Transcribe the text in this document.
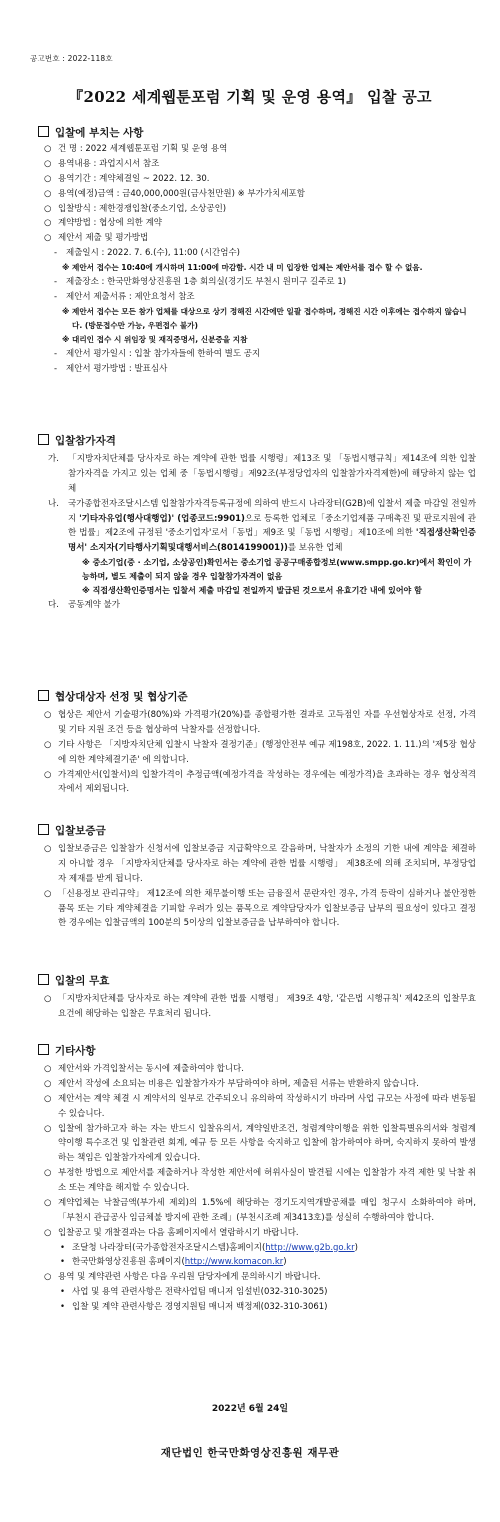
공고번호 : 2022-118호
『2022 세계웹툰포럼 기획 및 운영 용역』 입찰 공고
입찰에 부치는 사항
○ 건 명 : 2022 세계웹툰포럼 기획 및 운영 용역
○ 용역내용 : 과업지시서 참조
○ 용역기간 : 계약체결일 ~ 2022. 12. 30.
○ 용역(예정)금액 : 금40,000,000원(금사천만원) ※ 부가가치세포함
○ 입찰방식 : 제한경쟁입찰(중소기업, 소상공인)
○ 계약방법 : 협상에 의한 계약
○ 제안서 제출 및 평가방법
- 제출일시 : 2022. 7. 6.(수), 11:00 (시간엄수)
※ 제안서 접수는 10:40에 개시하며 11:00에 마감함. 시간 내 미 입장한 업체는 제안서를 접수 할 수 없음.
- 제출장소 : 한국만화영상진흥원 1층 회의실(경기도 부천시 원미구 길주로 1)
- 제안서 제출서류 : 제안요청서 참조
※ 제안서 접수는 모든 참가 업체를 대상으로 상기 정해진 시간에만 일괄 접수하며, 정해진 시간 이후에는 접수하지 않습니다. (방문접수만 가능, 우편접수 불가)
※ 대리인 접수 시 위임장 및 재직증명서, 신분증을 지참
- 제안서 평가일시 : 입찰 참가자들에 한하여 별도 공지
- 제안서 평가방법 : 발표심사
입찰참가자격
가. 「지방자치단체를 당사자로 하는 계약에 관한 법률 시행령」제13조 및 「동법시행규칙」제14조에 의한 입찰참가자격을 가지고 있는 업체 중「동법시행령」제92조(부정당업자의 입찰참가자격제한)에 해당하지 않는 업체
나. 국가종합전자조달시스템 입찰참가자격등록규정에 의하여 반드시 나라장터(G2B)에 입찰서 제출 마감일 전일까지 '기타자유업(행사대행업)' (업종코드:9901)으로 등록한 업체로「중소기업제품 구매촉진 및 판로지원에 관한 법률」제2조에 규정된 '중소기업자'로서「동법」제9조 및「동법 시행령」제10조에 의한 '직접생산확인증명서' 소지자(기타행사기획및대행서비스(8014199001))를 보유한 업체
※ 중소기업(중 · 소기업, 소상공인)확인서는 중소기업 공공구매종합정보(www.smpp.go.kr)에서 확인이 가능하며, 별도 제출이 되지 않을 경우 입찰참가자격이 없음
※ 직접생산확인증명서는 입찰서 제출 마감일 전일까지 발급된 것으로서 유효기간 내에 있어야 함
다. 공동계약 불가
협상대상자 선정 및 협상기준
○ 협상은 제안서 기술평가(80%)와 가격평가(20%)를 종합평가한 결과로 고득점인 자를 우선협상자로 선정, 가격 및 기타 지원 조건 등을 협상하여 낙찰자를 선정합니다.
○ 기타 사항은 「지방자치단체 입찰시 낙찰자 결정기준」(행정안전부 예규 제198호, 2022. 1. 11.)의 '제5장 협상에 의한 계약체결기준' 에 의합니다.
○ 가격제안서(입찰서)의 입찰가격이 추정금액(예정가격을 작성하는 경우에는 예정가격)을 초과하는 경우 협상적격자에서 제외됩니다.
입찰보증금
○ 입찰보증금은 입찰참가 신청서에 입찰보증금 지급확약으로 갈음하며, 낙찰자가 소정의 기한 내에 계약을 체결하지 아니할 경우 「지방자치단체를 당사자로 하는 계약에 관한 법률 시행령」 제38조에 의해 조치되며, 부정당업자 제재를 받게 됩니다.
○ 「신용정보 관리규약」 제12조에 의한 채무불이행 또는 금융질서 문란자인 경우, 가격 등락이 심하거나 불안정한 품목 또는 기타 계약체결을 기피할 우려가 있는 품목으로 계약담당자가 입찰보증금 납부의 필요성이 있다고 결정한 경우에는 입찰금액의 100분의 5이상의 입찰보증금을 납부하여야 합니다.
입찰의 무효
○ 「지방자치단체를 당사자로 하는 계약에 관한 법률 시행령」 제39조 4항, '같은법 시행규칙' 제42조의 입찰무효 요건에 해당하는 입찰은 무효처리 됩니다.
기타사항
○ 제안서와 가격입찰서는 동시에 제출하여야 합니다.
○ 제안서 작성에 소요되는 비용은 입찰참가자가 부담하여야 하며, 제출된 서류는 반환하지 않습니다.
○ 제안서는 계약 체결 시 계약서의 일부로 간주되오니 유의하여 작성하시기 바라며 사업 규모는 사정에 따라 변동될 수 있습니다.
○ 입찰에 참가하고자 하는 자는 반드시 입찰유의서, 계약일반조건, 청렴계약이행을 위한 입찰특별유의서와 청렴계약이행 특수조건 및 입찰관련 회계, 예규 등 모든 사항을 숙지하고 입찰에 참가하여야 하며, 숙지하지 못하여 발생하는 책임은 입찰참가자에게 있습니다.
○ 부정한 방법으로 제안서를 제출하거나 작성한 제안서에 허위사실이 발견될 시에는 입찰참가 자격 제한 및 낙찰 취소 또는 계약을 해지할 수 있습니다.
○ 계약업체는 낙찰금액(부가세 제외)의 1.5%에 해당하는 경기도지역개발공채를 매입 청구시 소화하여야 하며, 「부천시 관급공사 임금체불 방지에 관한 조례」(부천시조례 제3413호)를 성실히 수행하여야 합니다.
○ 입찰공고 및 개찰결과는 다음 홈페이지에서 열람하시기 바랍니다.
• 조달청 나라장터(국가종합전자조달시스템)홈페이지(http://www.g2b.go.kr)
• 한국만화영상진흥원 홈페이지(http://www.komacon.kr)
○ 용역 및 계약관련 사항은 다음 우리원 담당자에게 문의하시기 바랍니다.
• 사업 및 용역 관련사항은 전략사업팀 매니저 임설빈(032-310-3025)
• 입찰 및 계약 관련사항은 경영지원팀 매니저 백정제(032-310-3061)
2022년 6월 24일
재단법인 한국만화영상진흥원 재무관
